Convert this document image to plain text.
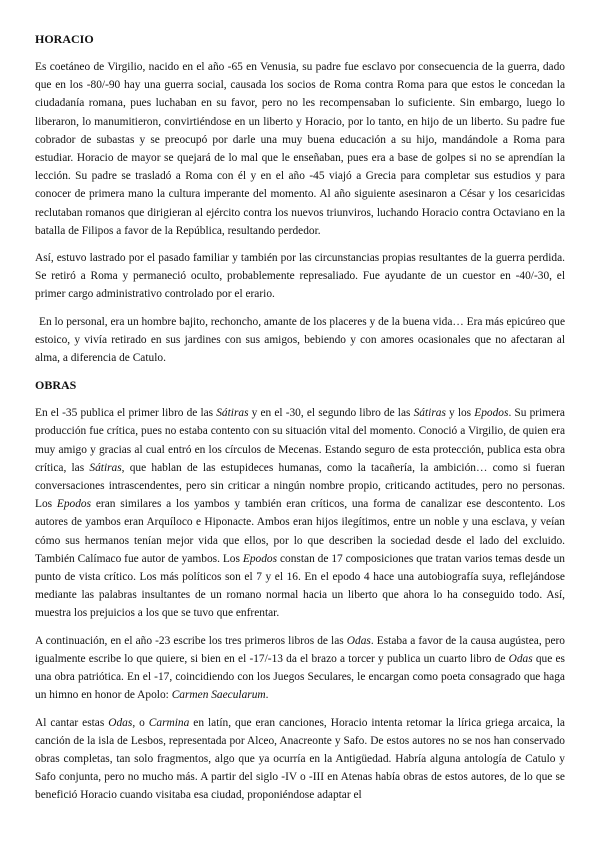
HORACIO

Es coetáneo de Virgilio, nacido en el año -65 en Venusia, su padre fue esclavo por consecuencia de la guerra, dado que en los -80/-90 hay una guerra social, causada los socios de Roma contra Roma para que estos le concedan la ciudadanía romana, pues luchaban en su favor, pero no les recompensaban lo suficiente. Sin embargo, luego lo liberaron, lo manumitieron, convirtiéndose en un liberto y Horacio, por lo tanto, en hijo de un liberto. Su padre fue cobrador de subastas y se preocupó por darle una muy buena educación a su hijo, mandándole a Roma para estudiar. Horacio de mayor se quejará de lo mal que le enseñaban, pues era a base de golpes si no se aprendían la lección. Su padre se trasladó a Roma con él y en el año -45 viajó a Grecia para completar sus estudios y para conocer de primera mano la cultura imperante del momento. Al año siguiente asesinaron a César y los cesaricidas reclutaban romanos que dirigieran al ejército contra los nuevos triunviros, luchando Horacio contra Octaviano en la batalla de Filipos a favor de la República, resultando perdedor.

Así, estuvo lastrado por el pasado familiar y también por las circunstancias propias resultantes de la guerra perdida. Se retiró a Roma y permaneció oculto, probablemente represaliado. Fue ayudante de un cuestor en -40/-30, el primer cargo administrativo controlado por el erario.

En lo personal, era un hombre bajito, rechoncho, amante de los placeres y de la buena vida… Era más epicúreo que estoico, y vivía retirado en sus jardines con sus amigos, bebiendo y con amores ocasionales que no afectaran al alma, a diferencia de Catulo.

OBRAS

En el -35 publica el primer libro de las Sátiras y en el -30, el segundo libro de las Sátiras y los Epodos. Su primera producción fue crítica, pues no estaba contento con su situación vital del momento. Conoció a Virgilio, de quien era muy amigo y gracias al cual entró en los círculos de Mecenas. Estando seguro de esta protección, publica esta obra crítica, las Sátiras, que hablan de las estupideces humanas, como la tacañería, la ambición… como si fueran conversaciones intrascendentes, pero sin criticar a ningún nombre propio, criticando actitudes, pero no personas. Los Epodos eran similares a los yambos y también eran críticos, una forma de canalizar ese descontento. Los autores de yambos eran Arquíloco e Hiponacte. Ambos eran hijos ilegítimos, entre un noble y una esclava, y veían cómo sus hermanos tenían mejor vida que ellos, por lo que describen la sociedad desde el lado del excluido. También Calímaco fue autor de yambos. Los Epodos constan de 17 composiciones que tratan varios temas desde un punto de vista crítico. Los más políticos son el 7 y el 16. En el epodo 4 hace una autobiografía suya, reflejándose mediante las palabras insultantes de un romano normal hacia un liberto que ahora lo ha conseguido todo. Así, muestra los prejuicios a los que se tuvo que enfrentar.

A continuación, en el año -23 escribe los tres primeros libros de las Odas. Estaba a favor de la causa augústea, pero igualmente escribe lo que quiere, si bien en el -17/-13 da el brazo a torcer y publica un cuarto libro de Odas que es una obra patriótica. En el -17, coincidiendo con los Juegos Seculares, le encargan como poeta consagrado que haga un himno en honor de Apolo: Carmen Saecularum.

Al cantar estas Odas, o Carmina en latín, que eran canciones, Horacio intenta retomar la lírica griega arcaica, la canción de la isla de Lesbos, representada por Alceo, Anacreonte y Safo. De estos autores no se nos han conservado obras completas, tan solo fragmentos, algo que ya ocurría en la Antigüedad. Habría alguna antología de Catulo y Safo conjunta, pero no mucho más. A partir del siglo -IV o -III en Atenas había obras de estos autores, de lo que se benefició Horacio cuando visitaba esa ciudad, proponiéndose adaptar el
